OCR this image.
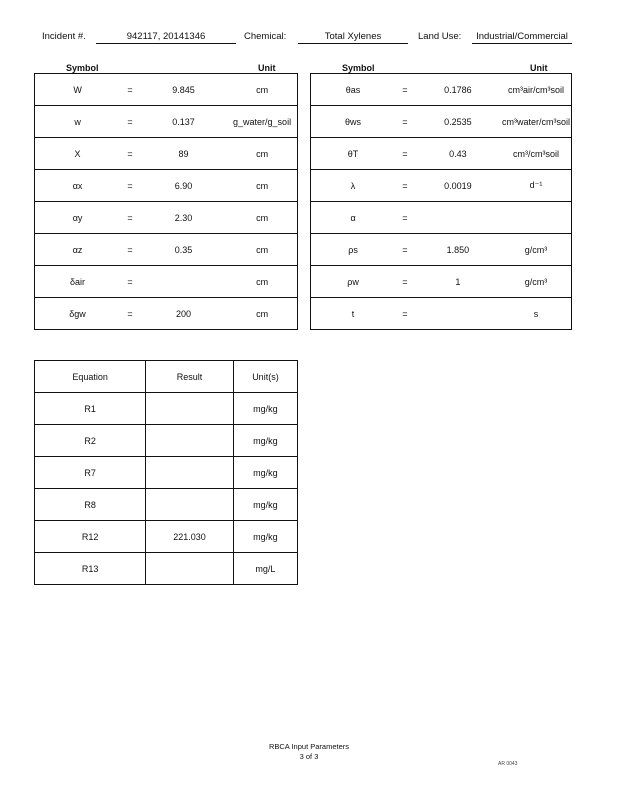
Incident #.	942117, 20141346	Chemical:	Total Xylenes	Land Use:	Industrial/Commercial
Symbol	Unit	Symbol	Unit
W	=	9.845	cm
w	=	0.137	g_water/g_soil
X	=	89	cm
αx	=	6.90	cm
αy	=	2.30	cm
αz	=	0.35	cm
δair	=		cm
δgw	=	200	cm
θas	=	0.1786	cm³air/cm³soil
θws	=	0.2535	cm³water/cm³soil
θT	=	0.43	cm³/cm³soil
λ	=	0.0019	d⁻¹
α	=		
ρs	=	1.850	g/cm³
ρw	=	1	g/cm³
t	=		s
Equation	Result	Unit(s)
R1		mg/kg
R2		mg/kg
R7		mg/kg
R8		mg/kg
R12	221.030	mg/kg
R13		mg/L
RBCA Input Parameters
3 of 3
AR 0043
